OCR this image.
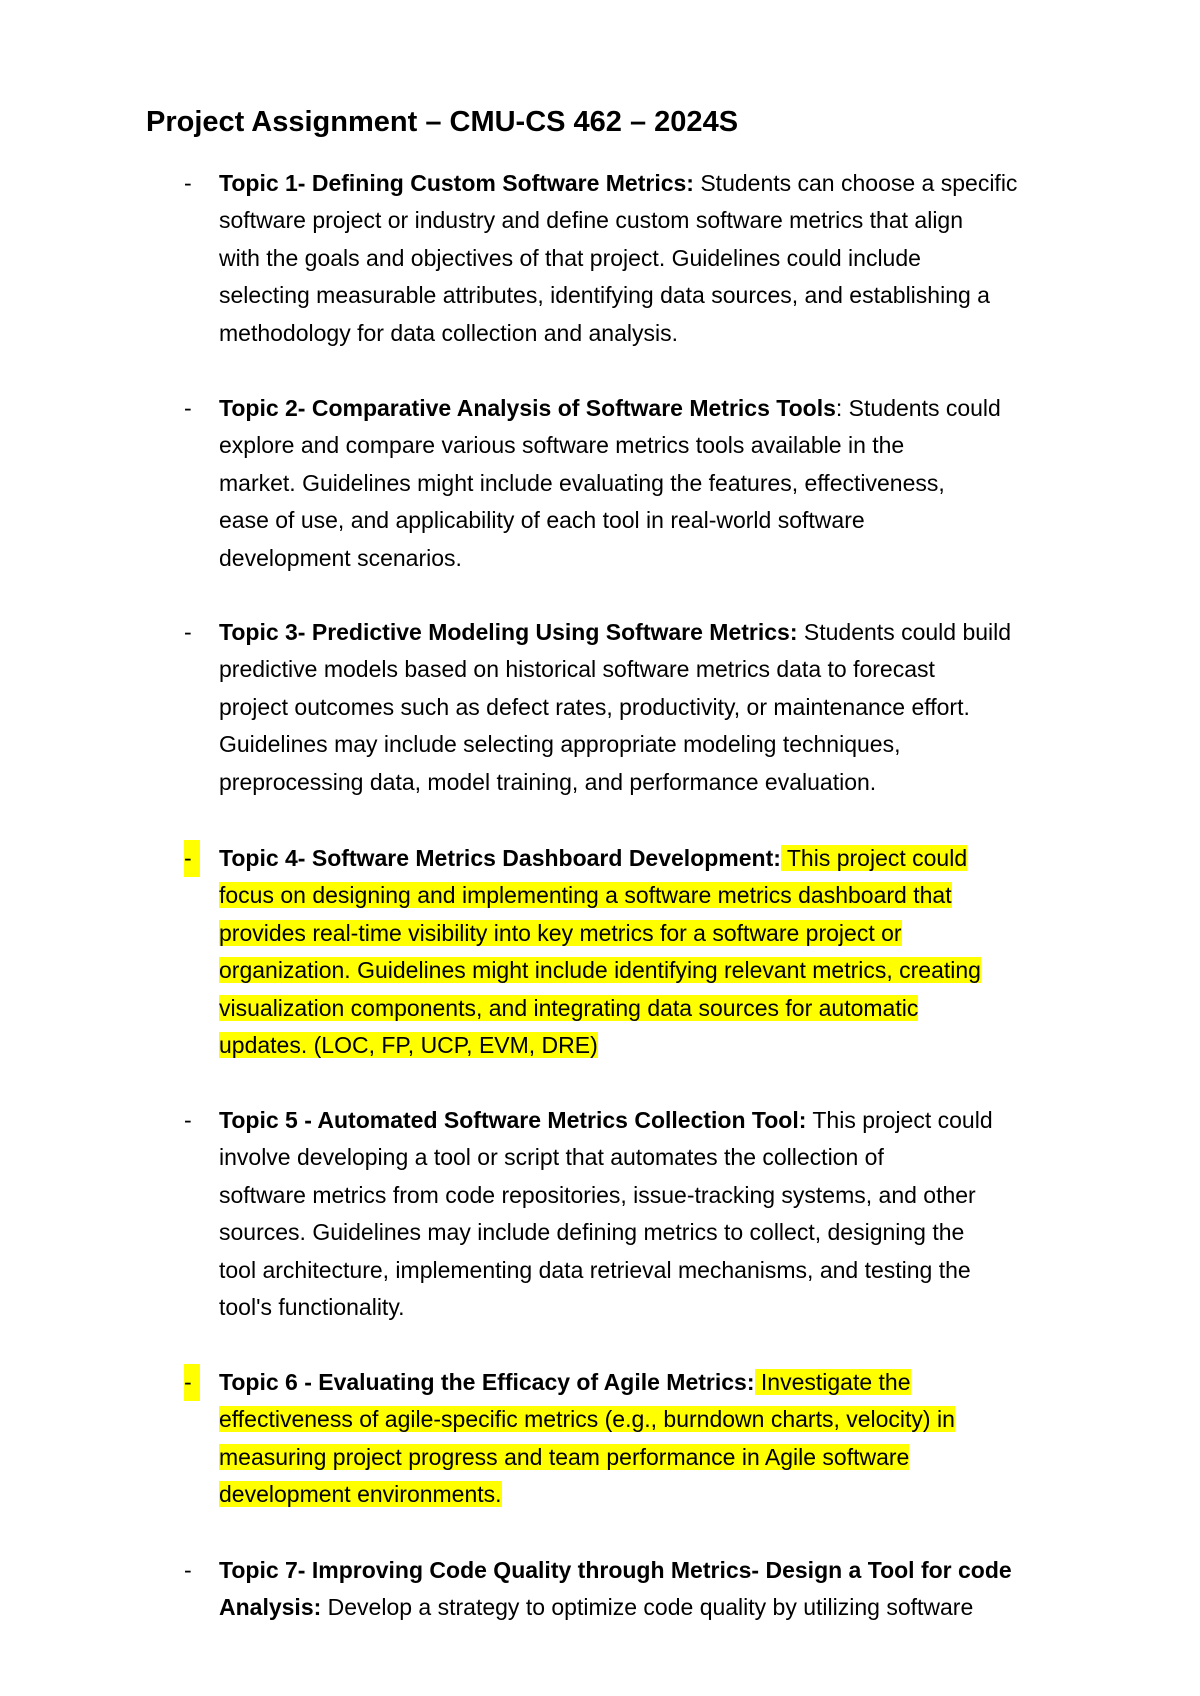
Project Assignment – CMU-CS 462 – 2024S
-	Topic 1- Defining Custom Software Metrics: Students can choose a specific
software project or industry and define custom software metrics that align
with the goals and objectives of that project. Guidelines could include
selecting measurable attributes, identifying data sources, and establishing a
methodology for data collection and analysis.
-	Topic 2- Comparative Analysis of Software Metrics Tools: Students could
explore and compare various software metrics tools available in the
market. Guidelines might include evaluating the features, effectiveness,
ease of use, and applicability of each tool in real-world software
development scenarios.
-	Topic 3- Predictive Modeling Using Software Metrics: Students could build
predictive models based on historical software metrics data to forecast
project outcomes such as defect rates, productivity, or maintenance effort.
Guidelines may include selecting appropriate modeling techniques,
preprocessing data, model training, and performance evaluation.
-	Topic 4- Software Metrics Dashboard Development: This project could
focus on designing and implementing a software metrics dashboard that
provides real-time visibility into key metrics for a software project or
organization. Guidelines might include identifying relevant metrics, creating
visualization components, and integrating data sources for automatic
updates. (LOC, FP, UCP, EVM, DRE)
-	Topic 5 - Automated Software Metrics Collection Tool: This project could
involve developing a tool or script that automates the collection of
software metrics from code repositories, issue-tracking systems, and other
sources. Guidelines may include defining metrics to collect, designing the
tool architecture, implementing data retrieval mechanisms, and testing the
tool's functionality.
-	Topic 6 - Evaluating the Efficacy of Agile Metrics: Investigate the
effectiveness of agile-specific metrics (e.g., burndown charts, velocity) in
measuring project progress and team performance in Agile software
development environments.
-	Topic 7- Improving Code Quality through Metrics- Design a Tool for code
Analysis: Develop a strategy to optimize code quality by utilizing software
